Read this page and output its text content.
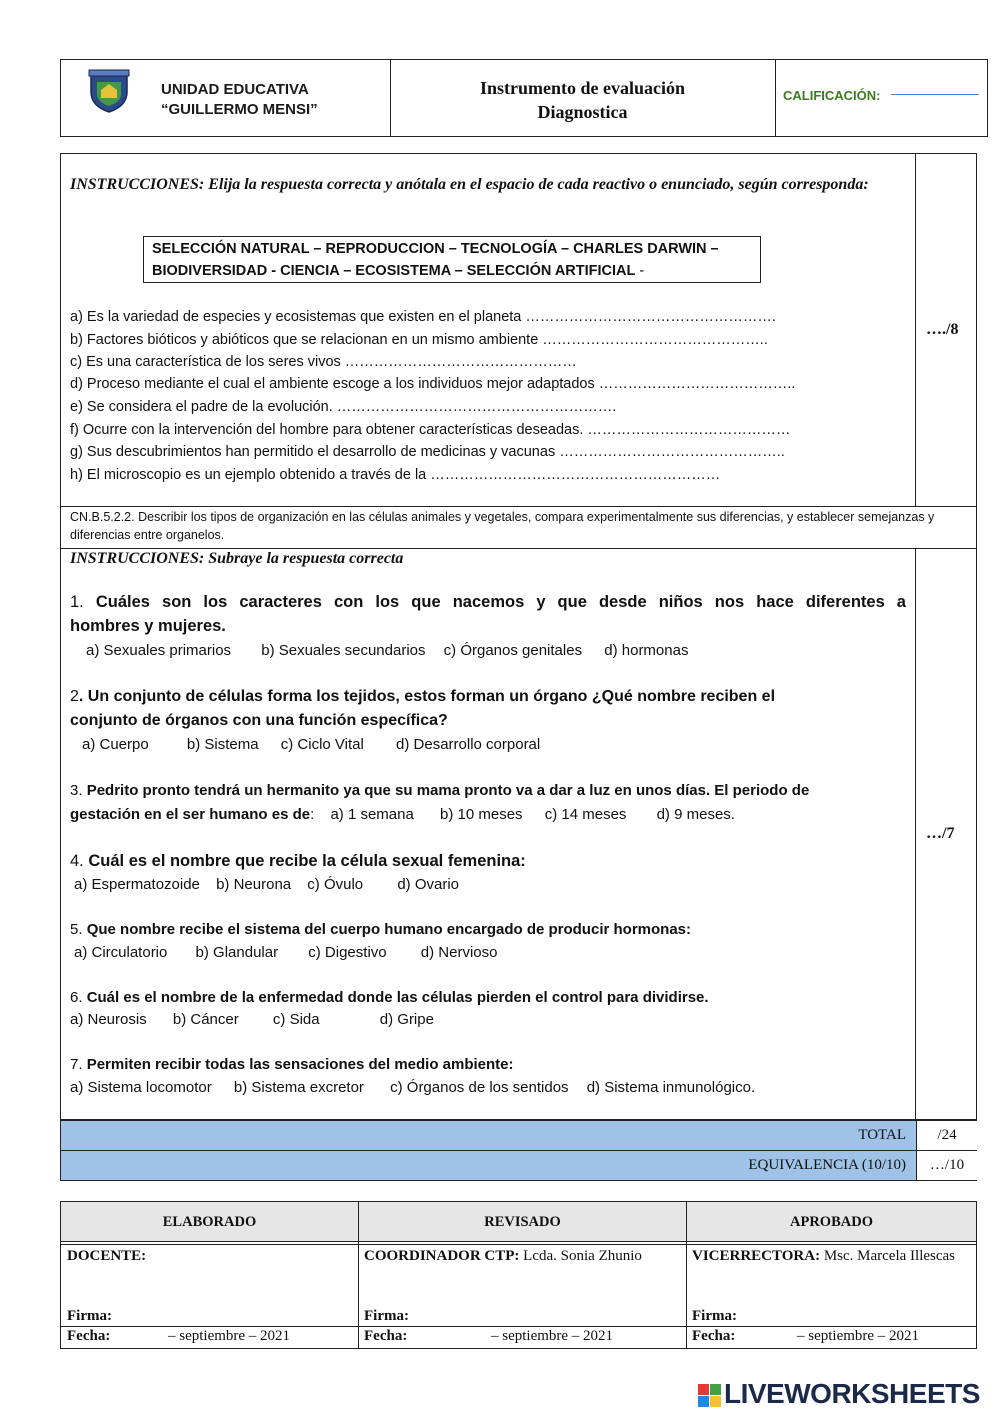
UNIDAD EDUCATIVA
“GUILLERMO MENSI”
Instrumento de evaluación
Diagnostica
CALIFICACIÓN:
INSTRUCCIONES: Elija la respuesta correcta y anótala en el espacio de cada reactivo o enunciado, según corresponda:
SELECCIÓN NATURAL – REPRODUCCION – TECNOLOGÍA – CHARLES DARWIN –
BIODIVERSIDAD - CIENCIA – ECOSISTEMA – SELECCIÓN ARTIFICIAL -
a) Es la variedad de especies y ecosistemas que existen en el planeta …………………………………………….
b) Factores bióticos y abióticos que se relacionan en un mismo ambiente ………………………………………..
c) Es una característica de los seres vivos …………………………………………
d) Proceso mediante el cual el ambiente escoge a los individuos mejor adaptados …………………………………..
e) Se considera el padre de la evolución. ………………………………………………….
f) Ocurre con la intervención del hombre para obtener características deseadas. ……………………………………
g) Sus descubrimientos han permitido el desarrollo de medicinas y vacunas ………………………………………..
h) El microscopio es un ejemplo obtenido a través de la ……………………………………………………
…./8
CN.B.5.2.2. Describir los tipos de organización en las células animales y vegetales, compara experimentalmente sus diferencias, y establecer semejanzas y diferencias entre organelos.
INSTRUCCIONES: Subraye la respuesta correcta
1. Cuáles son los caracteres con los que nacemos y que desde niños nos hace diferentes a
hombres y mujeres.
a) Sexuales primarios b) Sexuales secundarios c) Órganos genitales d) hormonas
2. Un conjunto de células forma los tejidos, estos forman un órgano ¿Qué nombre reciben el
conjunto de órganos con una función específica?
a) Cuerpo	b) Sistema c) Ciclo Vital d) Desarrollo corporal
3. Pedrito pronto tendrá un hermanito ya que su mama pronto va a dar a luz en unos días. El periodo de
gestación en el ser humano es de: a) 1 semana b) 10 meses c) 14 meses d) 9 meses.
4. Cuál es el nombre que recibe la célula sexual femenina:
a) Espermatozoide b) Neurona c) Óvulo d) Ovario
5. Que nombre recibe el sistema del cuerpo humano encargado de producir hormonas:
a) Circulatorio b) Glandular c) Digestivo d) Nervioso
6. Cuál es el nombre de la enfermedad donde las células pierden el control para dividirse.
a) Neurosis b) Cáncer c) Sida	d) Gripe
7. Permiten recibir todas las sensaciones del medio ambiente:
a) Sistema locomotor b) Sistema excretor c) Órganos de los sentidos d) Sistema inmunológico.
…/7
TOTAL	/24
EQUIVALENCIA (10/10)	…/10
ELABORADO	REVISADO	APROBADO
DOCENTE:	COORDINADOR CTP: Lcda. Sonia Zhunio	VICERRECTORA: Msc. Marcela Illescas
Firma:	Firma:	Firma:
Fecha:	– septiembre – 2021	Fecha:	– septiembre – 2021	Fecha:	– septiembre – 2021
LIVEWORKSHEETS
